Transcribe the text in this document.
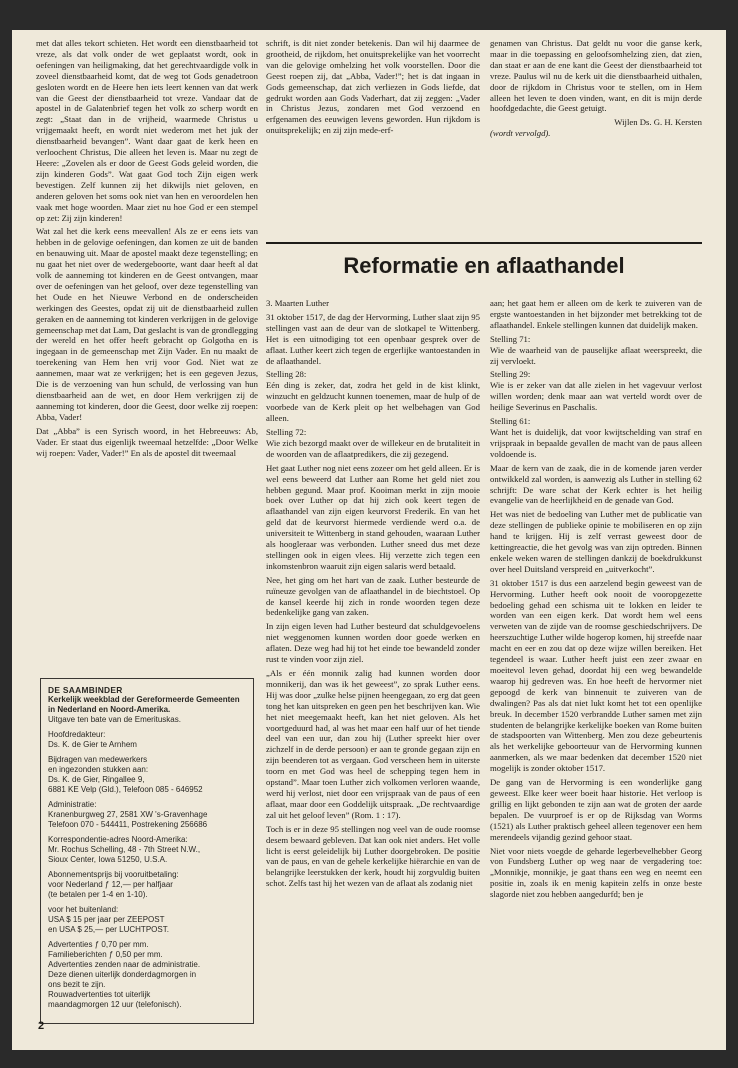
met dat alles tekort schieten. Het wordt een dienstbaarheid tot vreze, als dat volk onder de wet geplaatst wordt, ook in oefeningen van heiligmaking, dat het gerechtvaardigde volk in zoveel dienstbaarheid komt, dat de weg tot Gods genadetroon gesloten wordt en de Heere hen iets leert kennen van dat werk van die Geest der dienstbaarheid tot vreze. Vandaar dat de apostel in de Galatenbrief tegen het volk zo scherp wordt en zegt: „Staat dan in de vrijheid, waarmede Christus u vrijgemaakt heeft, en wordt niet wederom met het juk der dienstbaarheid bevangen”. Want daar gaat de kerk heen en verloochent Christus, Die alleen het leven is. Maar nu zegt de Heere: „Zovelen als er door de Geest Gods geleid worden, die zijn kinderen Gods”. Wat gaat God toch Zijn eigen werk bevestigen. Zelf kunnen zij het dikwijls niet geloven, en anderen geloven het soms ook niet van hen en veroordelen hen vaak met hoge woorden. Maar ziet nu hoe God er een stempel op zet: Zij zijn kinderen!

Wat zal het die kerk eens meevallen! Als ze er eens iets van hebben in de gelovige oefeningen, dan komen ze uit de banden en benauwing uit. Maar de apostel maakt deze tegenstelling; en nu gaat het niet over de wedergeboorte, want daar heeft al dat volk de aanneming tot kinderen en de Geest ontvangen, maar over de oefeningen van het geloof, over deze tegenstelling van het Oude en het Nieuwe Verbond en de onderscheiden werkingen des Geestes, opdat zij uit de dienstbaarheid zullen geraken en de aanneming tot kinderen verkrijgen in de gelovige gemeenschap met dat Lam, Dat geslacht is van de grondlegging der wereld en het offer heeft gebracht op Golgotha en is ingegaan in de gemeenschap met Zijn Vader. En nu maakt de toerekening van Hem hen vrij voor God. Niet wat ze aannemen, maar wat ze verkrijgen; het is een gegeven Jezus, Die is de verzoening van hun schuld, de verlossing van hun dienstbaarheid aan de wet, en door Hem verkrijgen zij de aanneming tot kinderen, door die Geest, door welke zij roepen: Abba, Vader!

Dat „Abba” is een Syrisch woord, in het Hebreeuws: Ab, Vader. Er staat dus eigenlijk tweemaal hetzelfde: „Door Welke wij roepen: Vader, Vader!” En als de apostel dit tweemaal

schrift, is dit niet zonder betekenis. Dan wil hij daarmee de grootheid, de rijkdom, het onuitsprekelijke van het voorrecht van die gelovige omhelzing het volk voorstellen. Door die Geest roepen zij, dat „Abba, Vader!”; het is dat ingaan in Gods gemeenschap, dat zich verliezen in Gods liefde, dat gedrukt worden aan Gods Vaderhart, dat zij zeggen: „Vader in Christus Jezus, zondaren met God verzoend en erfgenamen des eeuwigen levens geworden. Hun rijkdom is onuitsprekelijk; en zij zijn mede-erf-

genamen van Christus. Dat geldt nu voor die ganse kerk, maar in die toepassing en geloofsomhelzing zien, dat zien, dan staat er aan de ene kant die Geest der dienstbaarheid tot vreze. Paulus wil nu de kerk uit die dienstbaarheid uithalen, door de rijkdom in Christus voor te stellen, om in Hem alleen het leven te doen vinden, want, en dit is mijn derde hoofdgedachte, die Geest getuigt.

Wijlen Ds. G. H. Kersten
(wordt vervolgd).
Reformatie en aflaathandel

3. Maarten Luther

31 oktober 1517, de dag der Hervorming, Luther slaat zijn 95 stellingen vast aan de deur van de slotkapel te Wittenberg. Het is een uitnodiging tot een openbaar gesprek over de aflaat. Luther keert zich tegen de ergerlijke wantoestanden in de aflaathandel.

Stelling 28:

Eén ding is zeker, dat, zodra het geld in de kist klinkt, winzucht en geldzucht kunnen toenemen, maar de hulp of de voorbede van de Kerk pleit op het welbehagen van God alleen.

Stelling 72:

Wie zich bezorgd maakt over de willekeur en de brutaliteit in de woorden van de aflaatpredikers, die zij gezegend.

Het gaat Luther nog niet eens zozeer om het geld alleen. Er is wel eens beweerd dat Luther aan Rome het geld niet zou hebben gegund. Maar prof. Kooiman merkt in zijn mooie boek over Luther op dat hij zich ook keert tegen de aflaathandel van zijn eigen keurvorst Frederik. En van het geld dat de keurvorst hiermede verdiende werd o.a. de universiteit te Wittenberg in stand gehouden, waaraan Luther als hoogleraar was verbonden. Luther sneed dus met deze stellingen ook in eigen vlees. Hij verzette zich tegen een inkomstenbron waaruit zijn eigen salaris werd betaald.

Nee, het ging om het hart van de zaak. Luther besteurde de ruïneuze gevolgen van de aflaathandel in de biechtstoel. Op de kansel keerde hij zich in ronde woorden tegen deze bedenkelijke gang van zaken.

In zijn eigen leven had Luther besteurd dat schuldgevoelens niet weggenomen kunnen worden door goede werken en aflaten. Deze weg had hij tot het einde toe bewandeld zonder rust te vinden voor zijn ziel.

„Als er één monnik zalig had kunnen worden door monnikerij, dan was ik het geweest”, zo sprak Luther eens. Hij was door „zulke helse pijnen heengegaan, zo erg dat geen tong het kan uitspreken en geen pen het beschrijven kan. Wie het niet meegemaakt heeft, kan het niet geloven. Als het voortgeduurd had, al was het maar een half uur of het tiende deel van een uur, dan zou hij (Luther spreekt hier over zichzelf in de derde persoon) er aan te gronde gegaan zijn en zijn beenderen tot as vergaan. God verscheen hem in uiterste toorn en met God was heel de schepping tegen hem in opstand”. Maar toen Luther zich volkomen verloren waande, werd hij verlost, niet door een vrijspraak van de paus of een aflaat, maar door een Goddelijk uitspraak. „De rechtvaardige zal uit het geloof leven” (Rom. 1 : 17).

Toch is er in deze 95 stellingen nog veel van de oude roomse desem bewaard gebleven. Dat kan ook niet anders. Het volle licht is eerst geleidelijk bij Luther doorgebroken. De positie van de paus, en van de gehele kerkelijke hiërarchie en van de belangrijke leerstukken der kerk, houdt hij zorgvuldig buiten schot. Zelfs tast hij het wezen van de aflaat als zodanig niet

aan; het gaat hem er alleen om de kerk te zuiveren van de ergste wantoestanden in het bijzonder met betrekking tot de aflaathandel. Enkele stellingen kunnen dat duidelijk maken.

Stelling 71:

Wie de waarheid van de pauselijke aflaat weerspreekt, die zij vervloekt.

Stelling 29:

Wie is er zeker van dat alle zielen in het vagevuur verlost willen worden; denk maar aan wat verteld wordt over de heilige Severinus en Paschalis.

Stelling 61:

Want het is duidelijk, dat voor kwijtschelding van straf en vrijspraak in bepaalde gevallen de macht van de paus alleen voldoende is.

Maar de kern van de zaak, die in de komende jaren verder ontwikkeld zal worden, is aanwezig als Luther in stelling 62 schrijft: De ware schat der Kerk echter is het heilig evangelie van de heerlijkheid en de genade van God.

Het was niet de bedoeling van Luther met de publicatie van deze stellingen de publieke opinie te mobiliseren en op zijn hand te krijgen. Hij is zelf verrast geweest door de kettingreactie, die het gevolg was van zijn optreden. Binnen enkele weken waren de stellingen dankzij de boekdrukkunst over heel Duitsland verspreid en „uitverkocht”.

31 oktober 1517 is dus een aarzelend begin geweest van de Hervorming. Luther heeft ook nooit de vooropgezette bedoeling gehad een schisma uit te lokken en leider te worden van een eigen kerk. Dat wordt hem wel eens verweten van de zijde van de roomse geschiedschrijvers. De heerszuchtige Luther wilde hogerop komen, hij streefde naar macht en eer en zou dat op deze wijze willen bereiken. Het tegendeel is waar. Luther heeft juist een zeer zwaar en moeitevol leven gehad, doordat hij een weg bewandelde waarop hij gedreven was. En hoe heeft de hervormer niet gepoogd de kerk van binnenuit te zuiveren van de dwalingen? Pas als dat niet lukt komt het tot een openlijke breuk. In december 1520 verbrandde Luther samen met zijn studenten de belangrijke kerkelijke boeken van Rome buiten de stadspoorten van Wittenberg. Men zou deze gebeurtenis als het werkelijke geboorteuur van de Hervorming kunnen aanmerken, als we maar bedenken dat december 1520 niet mogelijk is zonder oktober 1517.

De gang van de Hervorming is een wonderlijke gang geweest. Elke keer weer boeit haar historie. Het verloop is grillig en lijkt gebonden te zijn aan wat de groten der aarde bepalen. De vuurproef is er op de Rijksdag van Worms (1521) als Luther praktisch geheel alleen tegenover een hem merendeels vijandig gezind gehoor staat.

Niet voor niets voegde de geharde legerbevelhebber Georg von Fundsberg Luther op weg naar de vergadering toe: „Monnikje, monnikje, je gaat thans een weg en neemt een positie in, zoals ik en menig kapitein zelfs in onze beste slagorde niet zou hebben aangedurfd; ben je

DE SAAMBINDER
Kerkelijk weekblad der Gereformeerde Gemeenten in Nederland en Noord-Amerika.
Uitgave ten bate van de Emerituskas.
Hoofdredakteur:
Ds. K. de Gier te Arnhem
Bijdragen van medewerkers
en ingezonden stukken aan:
Ds. K. de Gier, Ringallee 9,
6881 KE Velp (Gld.), Telefoon 085 - 646952
Administratie:
Kranenburgweg 27, 2581 XW 's-Gravenhage
Telefoon 070 - 544411, Postrekening 256686
Korrespondentie-adres Noord-Amerika:
Mr. Rochus Schelling, 48 - 7th Street N.W.,
Sioux Center, Iowa 51250, U.S.A.
Abonnementsprijs bij vooruitbetaling:
voor Nederland ƒ 12,— per halfjaar
(te betalen per 1-4 en 1-10).
voor het buitenland:
USA $ 15 per jaar per ZEEPOST
en USA $ 25,— per LUCHTPOST.
Advertenties ƒ 0,70 per mm.
Familieberichten ƒ 0,50 per mm.
Advertenties zenden naar de administratie.
Deze dienen uiterlijk donderdagmorgen in
ons bezit te zijn.
Rouwadvertenties tot uiterlijk
maandagmorgen 12 uur (telefonisch).
2
